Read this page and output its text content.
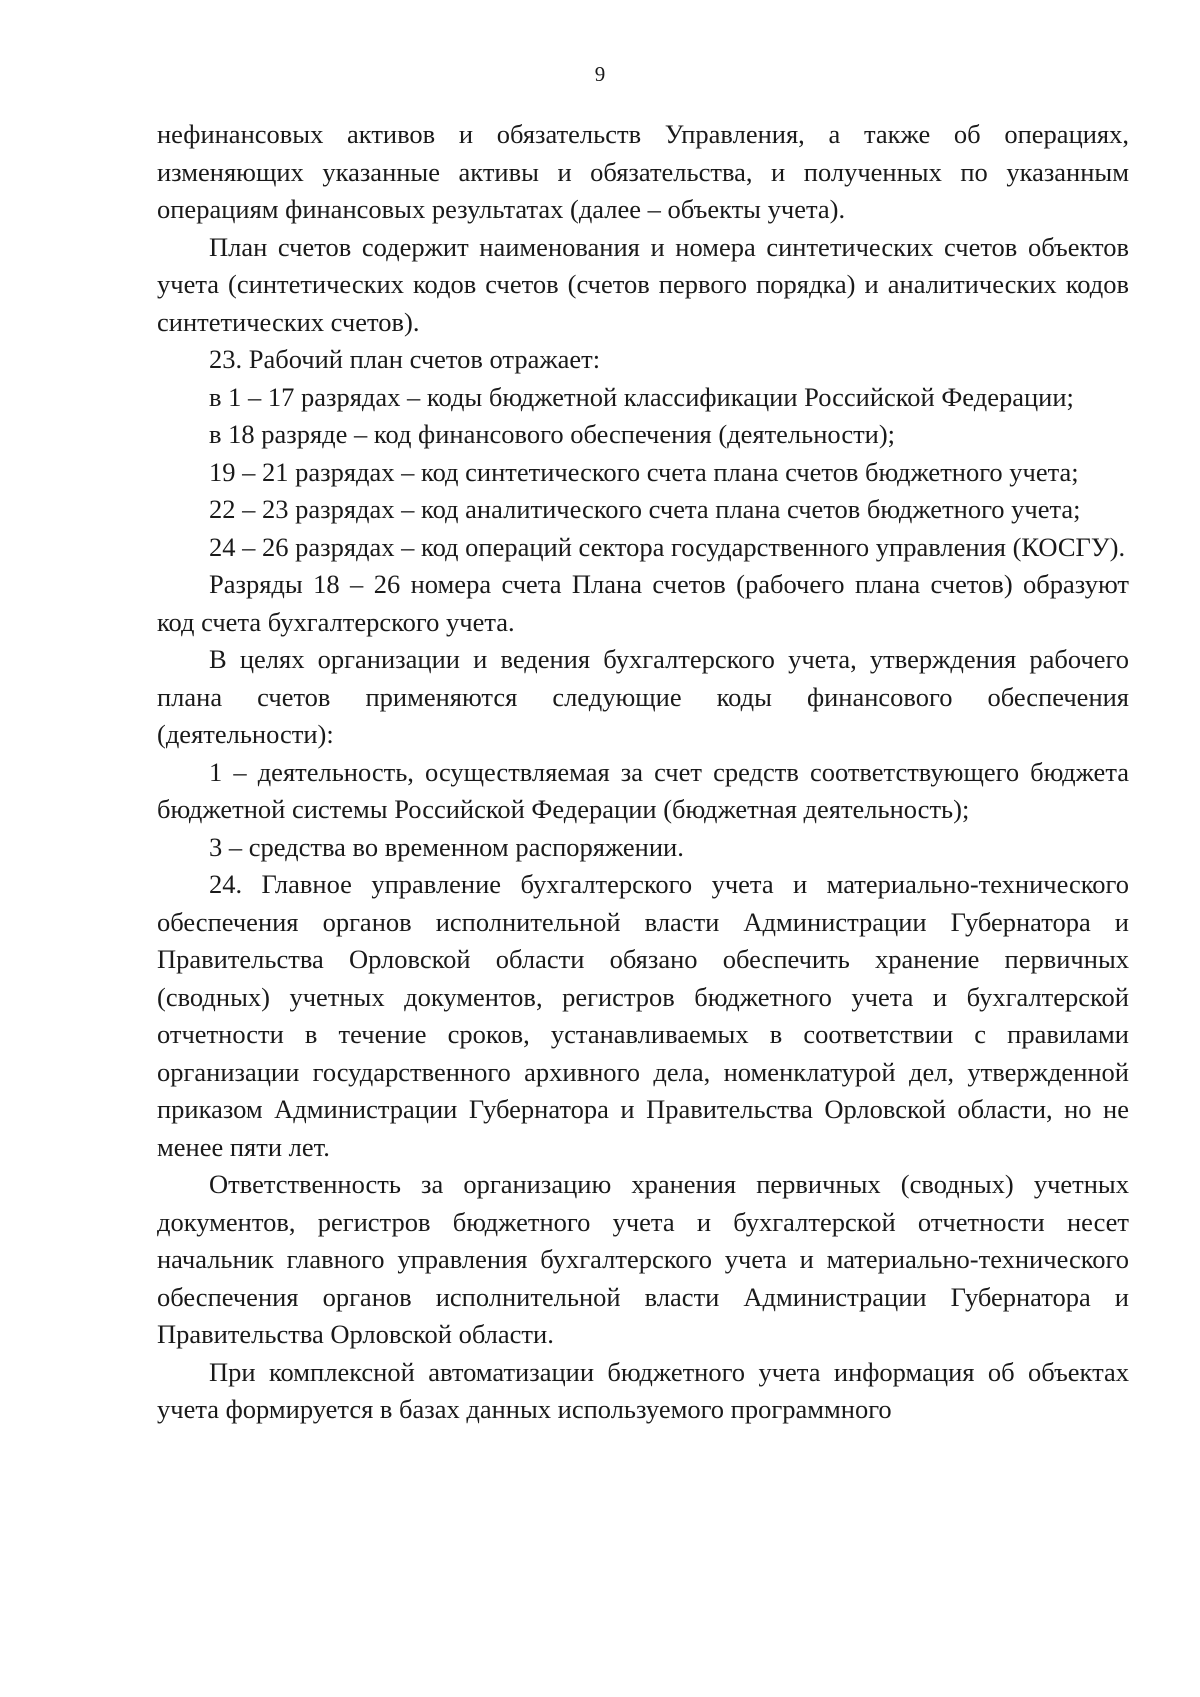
9

нефинансовых активов и обязательств Управления, а также об операциях, изменяющих указанные активы и обязательства, и полученных по указанным операциям финансовых результатах (далее – объекты учета).

План счетов содержит наименования и номера синтетических счетов объектов учета (синтетических кодов счетов (счетов первого порядка) и аналитических кодов синтетических счетов).

23. Рабочий план счетов отражает:

в 1 – 17 разрядах – коды бюджетной классификации Российской Федерации;

в 18 разряде – код финансового обеспечения (деятельности);

19 – 21 разрядах – код синтетического счета плана счетов бюджетного учета;

22 – 23 разрядах – код аналитического счета плана счетов бюджетного учета;

24 – 26 разрядах – код операций сектора государственного управления (КОСГУ).

Разряды 18 – 26 номера счета Плана счетов (рабочего плана счетов) образуют код счета бухгалтерского учета.

В целях организации и ведения бухгалтерского учета, утверждения рабочего плана счетов применяются следующие коды финансового обеспечения (деятельности):

1 – деятельность, осуществляемая за счет средств соответствующего бюджета бюджетной системы Российской Федерации (бюджетная деятельность);

3 – средства во временном распоряжении.

24. Главное управление бухгалтерского учета и материально-технического обеспечения органов исполнительной власти Администрации Губернатора и Правительства Орловской области обязано обеспечить хранение первичных (сводных) учетных документов, регистров бюджетного учета и бухгалтерской отчетности в течение сроков, устанавливаемых в соответствии с правилами организации государственного архивного дела, номенклатурой дел, утвержденной приказом Администрации Губернатора и Правительства Орловской области, но не менее пяти лет.

Ответственность за организацию хранения первичных (сводных) учетных документов, регистров бюджетного учета и бухгалтерской отчетности несет начальник главного управления бухгалтерского учета и материально-технического обеспечения органов исполнительной власти Администрации Губернатора и Правительства Орловской области.

При комплексной автоматизации бюджетного учета информация об объектах учета формируется в базах данных используемого программного
